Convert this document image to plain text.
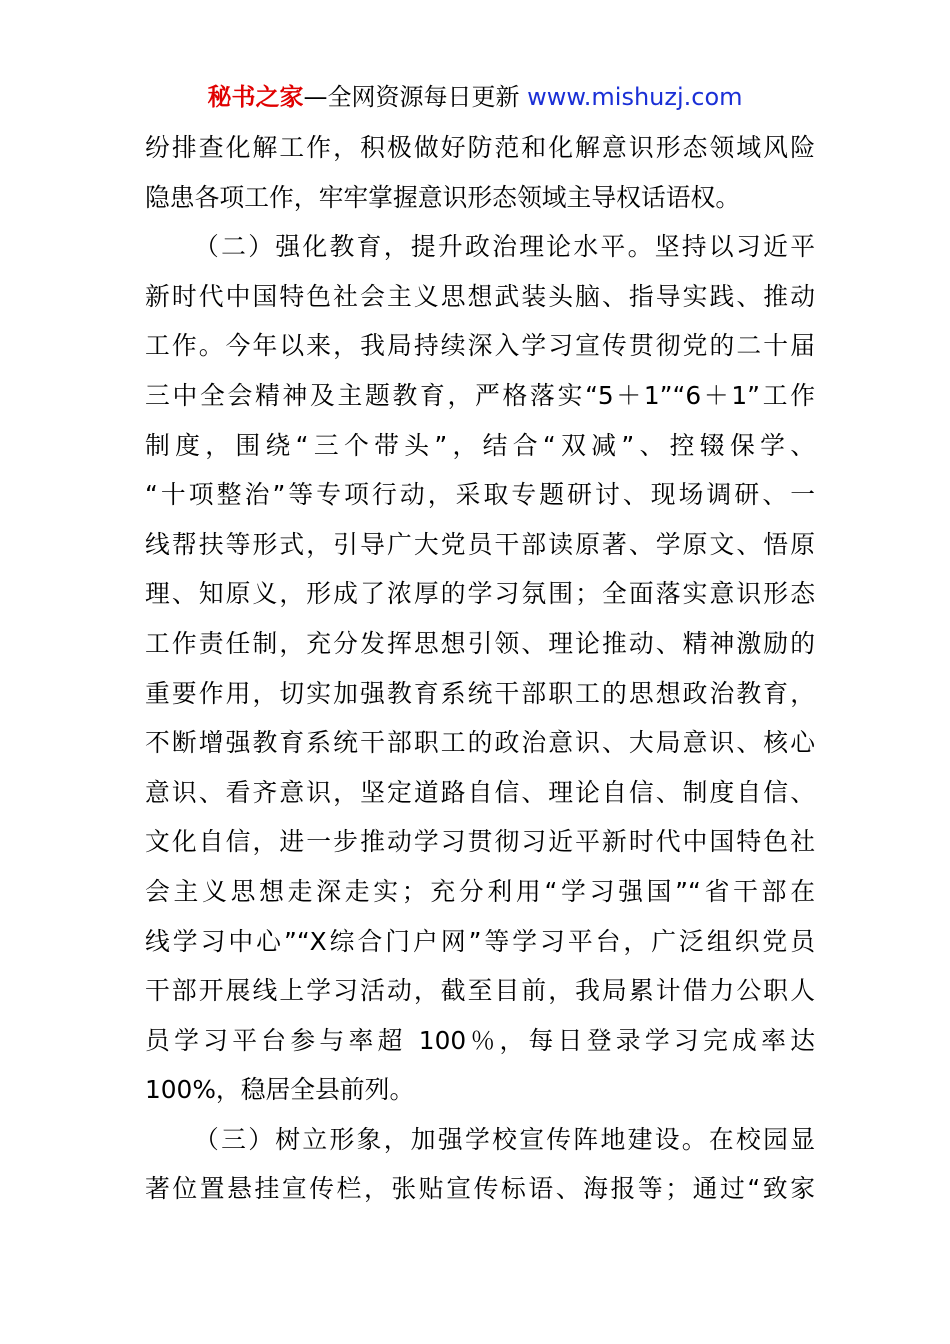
秘书之家—全网资源每日更新 www.mishuzj.com
纷排查化解工作，积极做好防范和化解意识形态领域风险
隐患各项工作，牢牢掌握意识形态领域主导权话语权。
（二）强化教育，提升政治理论水平。坚持以习近平
新时代中国特色社会主义思想武装头脑、指导实践、推动
工作。今年以来，我局持续深入学习宣传贯彻党的二十届
三中全会精神及主题教育，严格落实“5＋1”“6＋1”工作
制度，围绕“三个带头”，结合“双减”、控辍保学、
“十项整治”等专项行动，采取专题研讨、现场调研、一
线帮扶等形式，引导广大党员干部读原著、学原文、悟原
理、知原义，形成了浓厚的学习氛围；全面落实意识形态
工作责任制，充分发挥思想引领、理论推动、精神激励的
重要作用，切实加强教育系统干部职工的思想政治教育，
不断增强教育系统干部职工的政治意识、大局意识、核心
意识、看齐意识，坚定道路自信、理论自信、制度自信、
文化自信，进一步推动学习贯彻习近平新时代中国特色社
会主义思想走深走实；充分利用“学习强国”“省干部在
线学习中心”“X综合门户网”等学习平台，广泛组织党员
干部开展线上学习活动，截至目前，我局累计借力公职人
员学习平台参与率超 100％，每日登录学习完成率达
100%，稳居全县前列。
（三）树立形象，加强学校宣传阵地建设。在校园显
著位置悬挂宣传栏，张贴宣传标语、海报等；通过“致家
